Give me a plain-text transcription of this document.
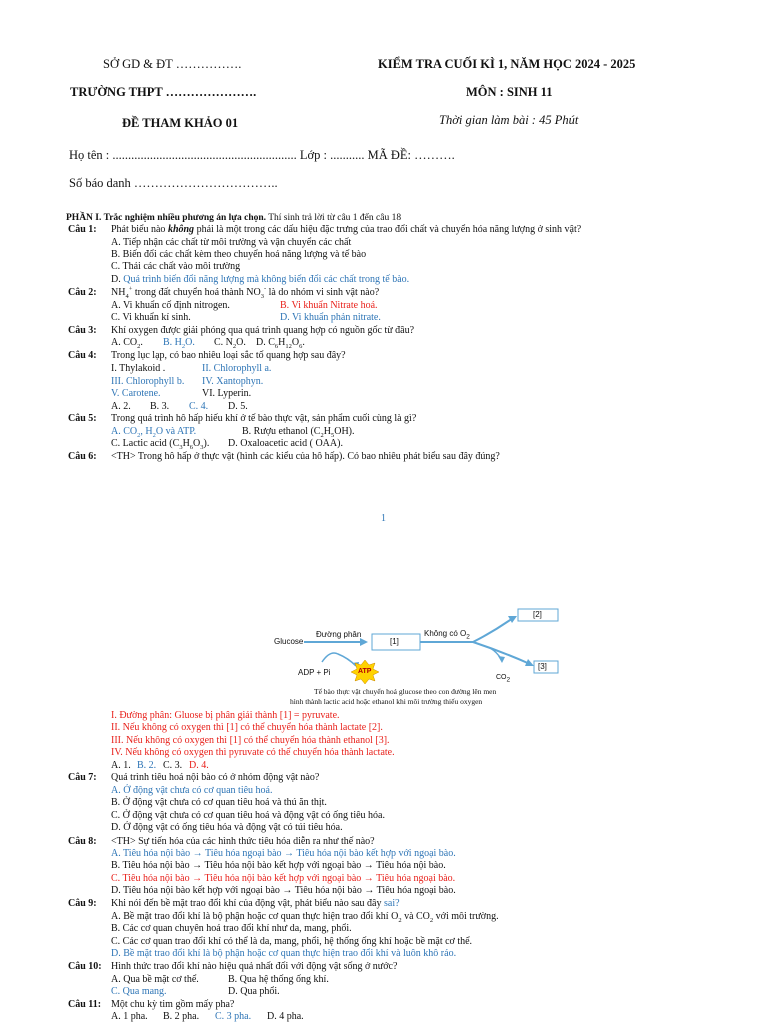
SỞ GD & ĐT …………….
TRƯỜNG THPT ………………….
ĐỀ THAM KHẢO 01
KIỂM TRA CUỐI KÌ 1, NĂM HỌC 2024 - 2025
MÔN : SINH 11
Thời gian làm bài : 45 Phút
Họ tên : ........................................................... Lớp : ........... MÃ ĐỀ: ……….
Số báo danh ……………………………..
PHẦN I. Trắc nghiệm nhiều phương án lựa chọn. Thí sinh trả lời từ câu 1 đến câu 18
Câu 1: Phát biểu nào không phải là một trong các dấu hiệu đặc trưng của trao đổi chất và chuyển hóa năng lượng ở sinh vật?
A. Tiếp nhận các chất từ môi trường và vận chuyển các chất
B. Biến đổi các chất kèm theo chuyển hoá năng lượng và tế bào
C. Thải các chất vào môi trường
D. Quá trình biến đổi năng lượng mà không biến đổi các chất trong tế bào.
Câu 2: $NH_4^+$ trong đất chuyển hoá thành $NO_3^-$ là do nhóm vi sinh vật nào?
A. Vi khuẩn cố định nitrogen.	B. Vi khuẩn Nitrate hoá.
C. Vi khuẩn kí sinh.	D. Vi khuẩn phản nitrate.
Câu 3: Khí oxygen được giải phóng qua quá trình quang hợp có nguồn gốc từ đâu?
A. $CO_2$. B. $H_2O$. C. $N_2O$. D. $C_6H_{12}O_6$.
Câu 4: Trong lục lạp, có bao nhiêu loại sắc tố quang hợp sau đây?
I. Thylakoid .	II. Chlorophyll a.
III. Chlorophyll b. IV. Xantophyn.
V. Carotene.	VI. Lyperin.
A. 2. B. 3. C. 4. D. 5.
Câu 5: Trong quá trình hô hấp hiếu khí ở tế bào thực vật, sản phẩm cuối cùng là gì?
A. $CO_2$, $H_2O$ và ATP.	B. Rượu ethanol $(C_2H_5OH)$.
C. Lactic acid $(C_3H_6O_3)$. D. Oxaloacetic acid ( OAA).
Câu 6: <TH> Trong hô hấp ở thực vật (hình các kiểu của hô hấp). Có bao nhiêu phát biểu sau đây đúng?
1
Glucose
Đường phân
[1]
Không có $O_2$
[2]
[3]
$CO_2$
ADP + Pi	ATP
Tế bào thực vật chuyển hoá glucose theo con đường lên men
hình thành lactic acid hoặc ethanol khi môi trường thiếu oxygen
I. Đường phân: Gluose bị phân giải thành [1] = pyruvate.
II. Nếu không có oxygen thì [1] có thể chuyển hóa thành lactate [2].
III. Nếu không có oxygen thì [1] có thể chuyển hóa thành ethanol [3].
IV. Nếu không có oxygen thì pyruvate có thể chuyển hóa thành lactate.
A. 1. B. 2. C. 3. D. 4.
Câu 7: Quá trình tiêu hoá nội bào có ở nhóm động vật nào?
A. Ở động vật chưa có cơ quan tiêu hoá.
B. Ở động vật chưa có cơ quan tiêu hoá và thú ăn thịt.
C. Ở động vật chưa có cơ quan tiêu hoá và động vật có ống tiêu hóa.
D. Ở động vật có ống tiêu hóa và động vật có túi tiêu hóa.
Câu 8: <TH> Sự tiến hóa của các hình thức tiêu hóa diễn ra như thế nào?
A. Tiêu hóa nội bào → Tiêu hóa ngoại bào → Tiêu hóa nội bào kết hợp với ngoại bào.
B. Tiêu hóa nội bào → Tiêu hóa nội bào kết hợp với ngoại bào → Tiêu hóa nội bào.
C. Tiêu hóa nội bào → Tiêu hóa nội bào kết hợp với ngoại bào → Tiêu hóa ngoại bào.
D. Tiêu hóa nội bào kết hợp với ngoại bào → Tiêu hóa nội bào → Tiêu hóa ngoại bào.
Câu 9: Khi nói đến bề mặt trao đổi khí của động vật, phát biểu nào sau đây sai?
A. Bề mặt trao đổi khí là bộ phận hoặc cơ quan thực hiện trao đổi khí $O_2$ và $CO_2$ với môi trường.
B. Các cơ quan chuyên hoá trao đổi khí như da, mang, phổi.
C. Các cơ quan trao đổi khí có thể là da, mang, phổi, hệ thống ống khí hoặc bề mặt cơ thể.
D. Bề mặt trao đổi khí là bộ phận hoặc cơ quan thực hiện trao đổi khí và luôn khô ráo.
Câu 10: Hình thức trao đổi khí nào hiệu quả nhất đối với động vật sống ở nước?
A. Qua bề mặt cơ thể.	B. Qua hệ thống ống khí.
C. Qua mang.	D. Qua phổi.
Câu 11: Một chu kỳ tim gồm mấy pha?
A. 1 pha. B. 2 pha. C. 3 pha. D. 4 pha.
